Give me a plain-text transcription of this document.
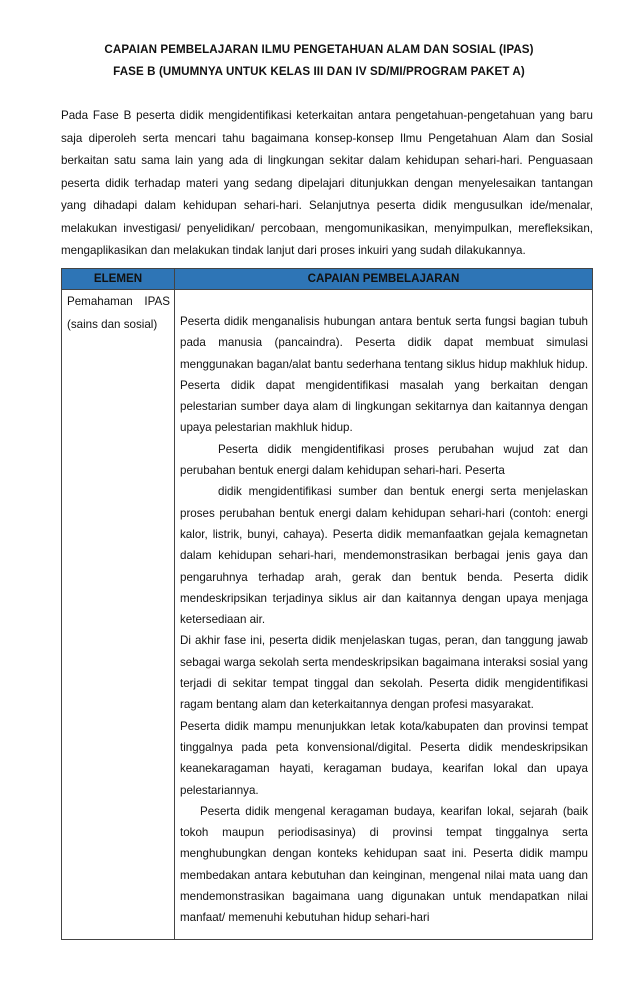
CAPAIAN PEMBELAJARAN ILMU PENGETAHUAN ALAM DAN SOSIAL (IPAS)
FASE B (UMUMNYA UNTUK KELAS III DAN IV SD/MI/PROGRAM PAKET A)

Pada Fase B peserta didik mengidentifikasi keterkaitan antara pengetahuan-pengetahuan yang baru saja diperoleh serta mencari tahu bagaimana konsep-konsep Ilmu Pengetahuan Alam dan Sosial berkaitan satu sama lain yang ada di lingkungan sekitar dalam kehidupan sehari-hari. Penguasaan peserta didik terhadap materi yang sedang dipelajari ditunjukkan dengan menyelesaikan tantangan yang dihadapi dalam kehidupan sehari-hari. Selanjutnya peserta didik mengusulkan ide/menalar, melakukan investigasi/ penyelidikan/ percobaan, mengomunikasikan, menyimpulkan, merefleksikan, mengaplikasikan dan melakukan tindak lanjut dari proses inkuiri yang sudah dilakukannya.

ELEMEN	CAPAIAN PEMBELAJARAN
Pemahaman IPAS
(sains dan sosial)	Peserta didik menganalisis hubungan antara bentuk serta fungsi bagian tubuh pada manusia (pancaindra). Peserta didik dapat membuat simulasi menggunakan bagan/alat bantu sederhana tentang siklus hidup makhluk hidup. Peserta didik dapat mengidentifikasi masalah yang berkaitan dengan pelestarian sumber daya alam di lingkungan sekitarnya dan kaitannya dengan upaya pelestarian makhluk hidup.

Peserta didik mengidentifikasi proses perubahan wujud zat dan perubahan bentuk energi dalam kehidupan sehari-hari. Peserta

didik mengidentifikasi sumber dan bentuk energi serta menjelaskan proses perubahan bentuk energi dalam kehidupan sehari-hari (contoh: energi kalor, listrik, bunyi, cahaya). Peserta didik memanfaatkan gejala kemagnetan dalam kehidupan sehari-hari, mendemonstrasikan berbagai jenis gaya dan pengaruhnya terhadap arah, gerak dan bentuk benda. Peserta didik mendeskripsikan terjadinya siklus air dan kaitannya dengan upaya menjaga ketersediaan air.

Di akhir fase ini, peserta didik menjelaskan tugas, peran, dan tanggung jawab sebagai warga sekolah serta mendeskripsikan bagaimana interaksi sosial yang terjadi di sekitar tempat tinggal dan sekolah. Peserta didik mengidentifikasi ragam bentang alam dan keterkaitannya dengan profesi masyarakat.

Peserta didik mampu menunjukkan letak kota/kabupaten dan provinsi tempat tinggalnya pada peta konvensional/digital. Peserta didik mendeskripsikan keanekaragaman hayati, keragaman budaya, kearifan lokal dan upaya pelestariannya.

Peserta didik mengenal keragaman budaya, kearifan lokal, sejarah (baik tokoh maupun periodisasinya) di provinsi tempat tinggalnya serta menghubungkan dengan konteks kehidupan saat ini. Peserta didik mampu membedakan antara kebutuhan dan keinginan, mengenal nilai mata uang dan mendemonstrasikan bagaimana uang digunakan untuk mendapatkan nilai manfaat/ memenuhi kebutuhan hidup sehari-hari
